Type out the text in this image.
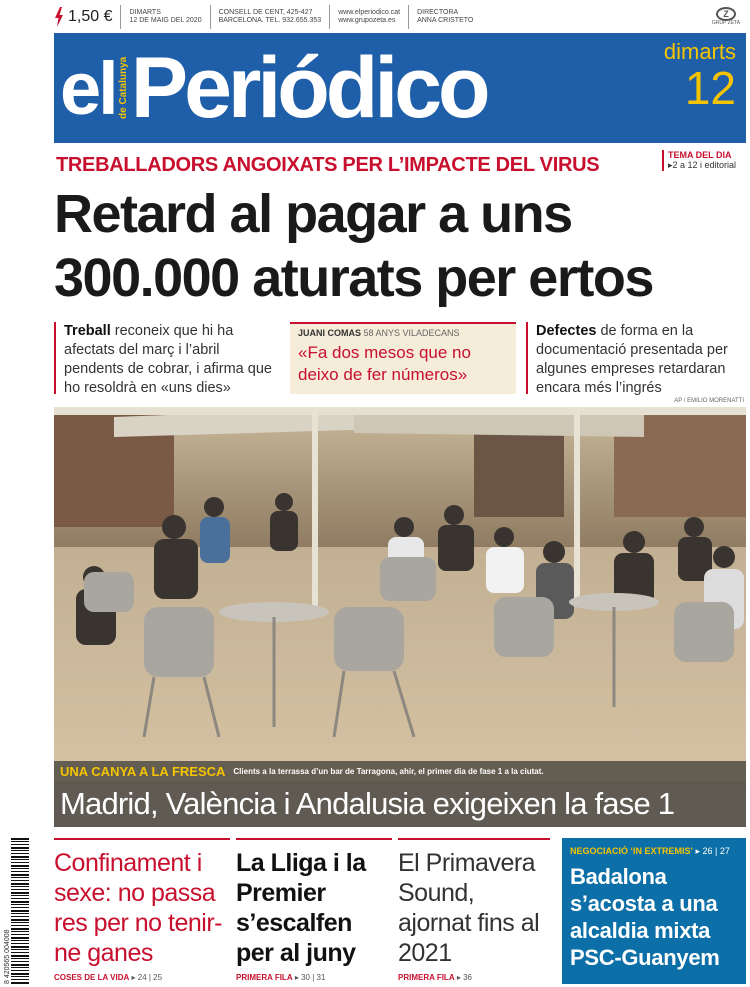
1,50 € DIMARTS
12 DE MAIG DEL 2020
CONSELL DE CENT, 425-427
BARCELONA. TEL. 932.655.353
www.elperiodico.cat
www.grupozeta.es
DIRECTORA
ANNA CRISTETO
Z
GRUP ZETA
el de Catalunya Periódico	dimarts
12
TREBALLADORS ANGOIXATS PER L’IMPACTE DEL VIRUS	TEMA DEL DIA
▸2 a 12 i editorial
Retard al pagar a uns
300.000 aturats per ertos
Treball reconeix que hi ha afectats del març i l’abril pendents de cobrar, i afirma que ho resoldrà en «uns dies»
JUANI COMAS 58 ANYS VILADECANS
«Fa dos mesos que no deixo de fer números»
Defectes de forma en la documentació presentada per algunes empreses retardaran encara més l’ingrés
AP / EMILIO MORENATTI
UNA CANYA A LA FRESCA Clients a la terrassa d’un bar de Tarragona, ahir, el primer dia de fase 1 a la ciutat.
Madrid, València i Andalusia exigeixen la fase 1
8 420565 004008
Confinament i sexe: no passa res per no tenir-ne ganes
COSES DE LA VIDA ▸ 24 | 25
La Lliga i la Premier s’escalfen per al juny
PRIMERA FILA ▸ 30 | 31
El Primavera Sound, ajornat fins al 2021
PRIMERA FILA ▸ 36
NEGOCIACIÓ ‘IN EXTREMIS’ ▸ 26 | 27
Badalona s’acosta a una alcaldia mixta PSC-Guanyem
